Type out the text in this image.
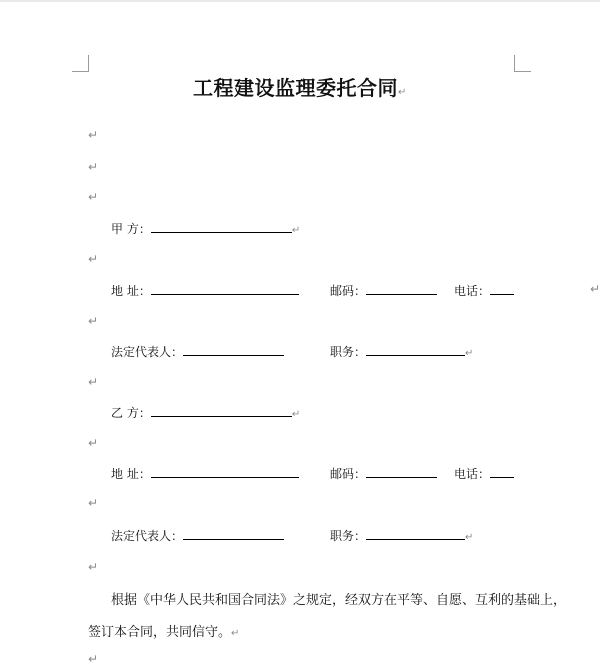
工程建设监理委托合同↵
↵
↵
↵
甲 方：	↵
↵
地 址：	邮码：	电话：	↵
↵
法定代表人：	职务：	↵
↵
乙 方：	↵
↵
地 址：	邮码：	电话：
↵
法定代表人：	职务：	↵
↵
根据《中华人民共和国合同法》之规定，经双方在平等、自愿、互利的基础上，
签订本合同，共同信守。↵
↵
